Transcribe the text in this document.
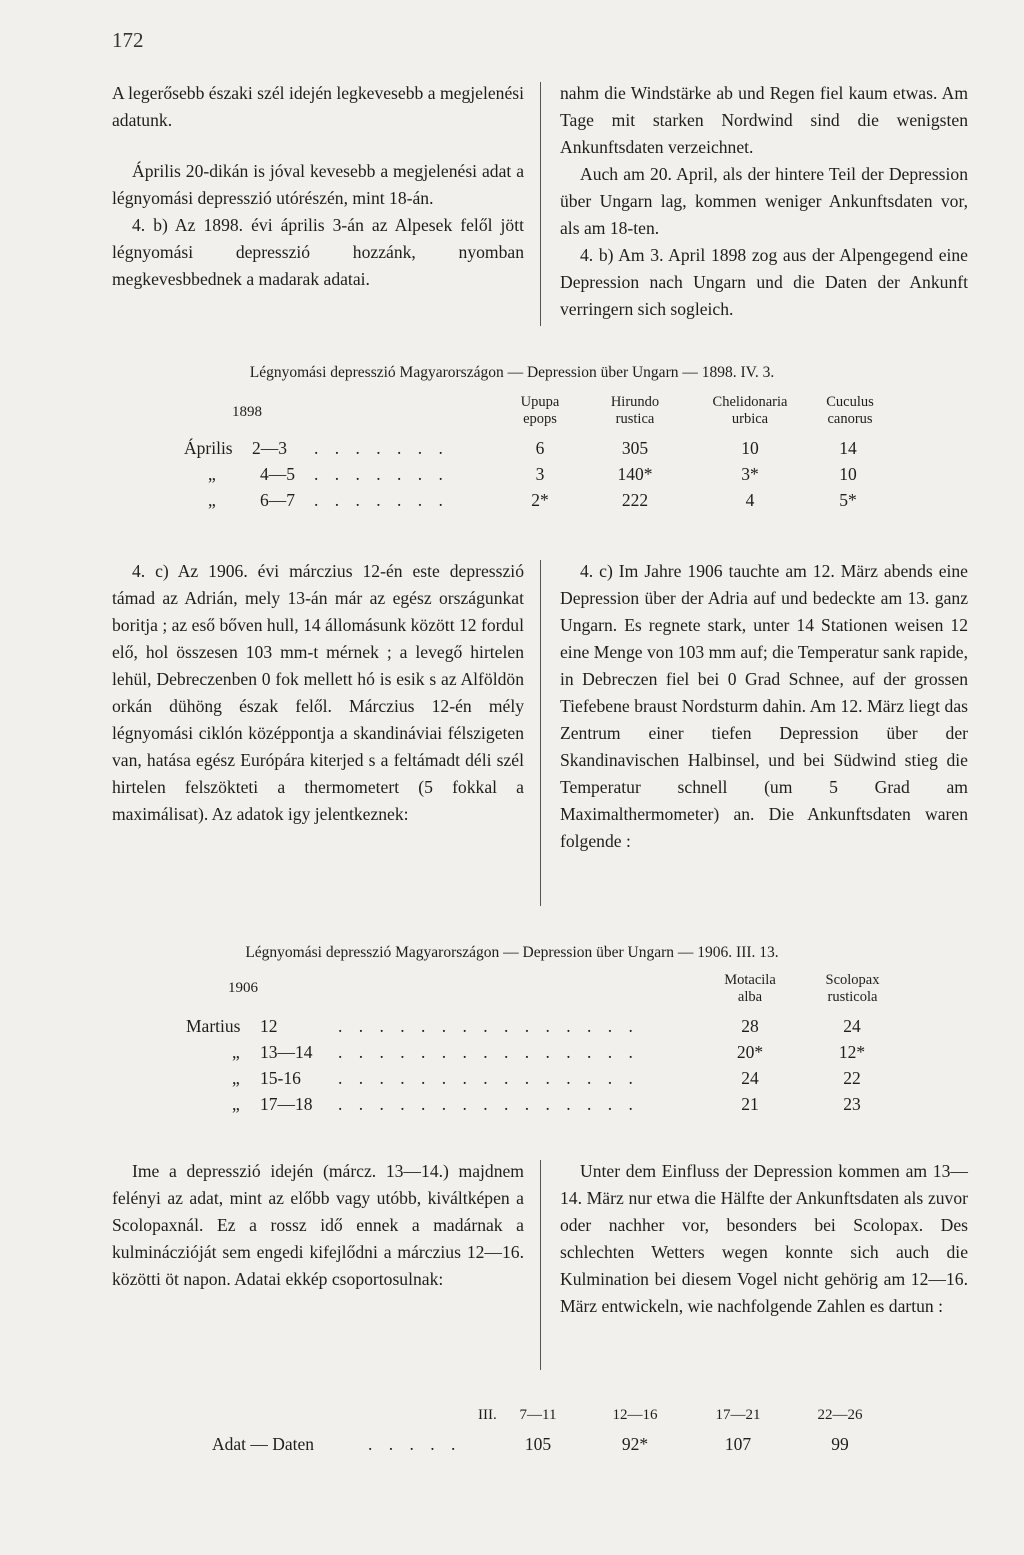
172

A legerősebb északi szél idején legkevesebb a megjelenési adatunk.

Április 20-dikán is jóval kevesebb a megjelenési adat a légnyomási depresszió utórészén, mint 18-án.

4. b) Az 1898. évi április 3-án az Alpesek felől jött légnyomási depresszió hozzánk, nyomban megkevesbbednek a madarak adatai.

nahm die Windstärke ab und Regen fiel kaum etwas. Am Tage mit starken Nordwind sind die wenigsten Ankunftsdaten verzeichnet.

Auch am 20. April, als der hintere Teil der Depression über Ungarn lag, kommen weniger Ankunftsdaten vor, als am 18-ten.

4. b) Am 3. April 1898 zog aus der Alpengegend eine Depression nach Ungarn und die Daten der Ankunft verringern sich sogleich.

Légnyomási depresszió Magyarországon — Depression über Ungarn — 1898. IV. 3.
1898
Upupa
epops
Hirundo
rustica
Chelidonaria
urbica
Cuculus
canorus
Április 2—3 . . . . . . .	6	305	10	14
„	4—5 . . . . . . .	3	140*	3*	10
„	6—7 . . . . . . .	2*	222	4	5*

4. c) Az 1906. évi márczius 12-én este depresszió támad az Adrián, mely 13-án már az egész országunkat boritja ; az eső bőven hull, 14 állomásunk között 12 fordul elő, hol összesen 103 mm-t mérnek ; a levegő hirtelen lehül, Debreczenben 0 fok mellett hó is esik s az Alföldön orkán dühöng észak felől. Márczius 12-én mély légnyomási ciklón középpontja a skandináviai félszigeten van, hatása egész Európára kiterjed s a feltámadt déli szél hirtelen felszökteti a thermometert (5 fokkal a maximálisat). Az adatok igy jelentkeznek:

4. c) Im Jahre 1906 tauchte am 12. März abends eine Depression über der Adria auf und bedeckte am 13. ganz Ungarn. Es regnete stark, unter 14 Stationen weisen 12 eine Menge von 103 mm auf; die Temperatur sank rapide, in Debreczen fiel bei 0 Grad Schnee, auf der grossen Tiefebene braust Nordsturm dahin. Am 12. März liegt das Zentrum einer tiefen Depression über der Skandinavischen Halbinsel, und bei Südwind stieg die Temperatur schnell (um 5 Grad am Maximalthermometer) an. Die Ankunftsdaten waren folgende :

Légnyomási depresszió Magyarországon — Depression über Ungarn — 1906. III. 13.
1906	Motacila
alba
Scolopax
rusticola
Martius 12	. . . . . . . . . . . . . . .	28	24
„ 13—14 . . . . . . . . . . . . . . .	20*	12*
„ 15-16 . . . . . . . . . . . . . . .	24	22
„ 17—18 . . . . . . . . . . . . . . .	21	23

Ime a depresszió idején (márcz. 13—14.) majdnem felényi az adat, mint az előbb vagy utóbb, kiváltképen a Scolopaxnál. Ez a rossz idő ennek a madárnak a kulmináczióját sem engedi kifejlődni a márczius 12—16. közötti öt napon. Adatai ekkép csoportosulnak:

Unter dem Einfluss der Depression kommen am 13—14. März nur etwa die Hälfte der Ankunftsdaten als zuvor oder nachher vor, besonders bei Scolopax. Des schlechten Wetters wegen konnte sich auch die Kulmination bei diesem Vogel nicht gehörig am 12—16. März entwickeln, wie nachfolgende Zahlen es dartun :

III.	7—11	12—16	17—21	22—26
Adat — Daten	. . . . .	105	92*	107	99
